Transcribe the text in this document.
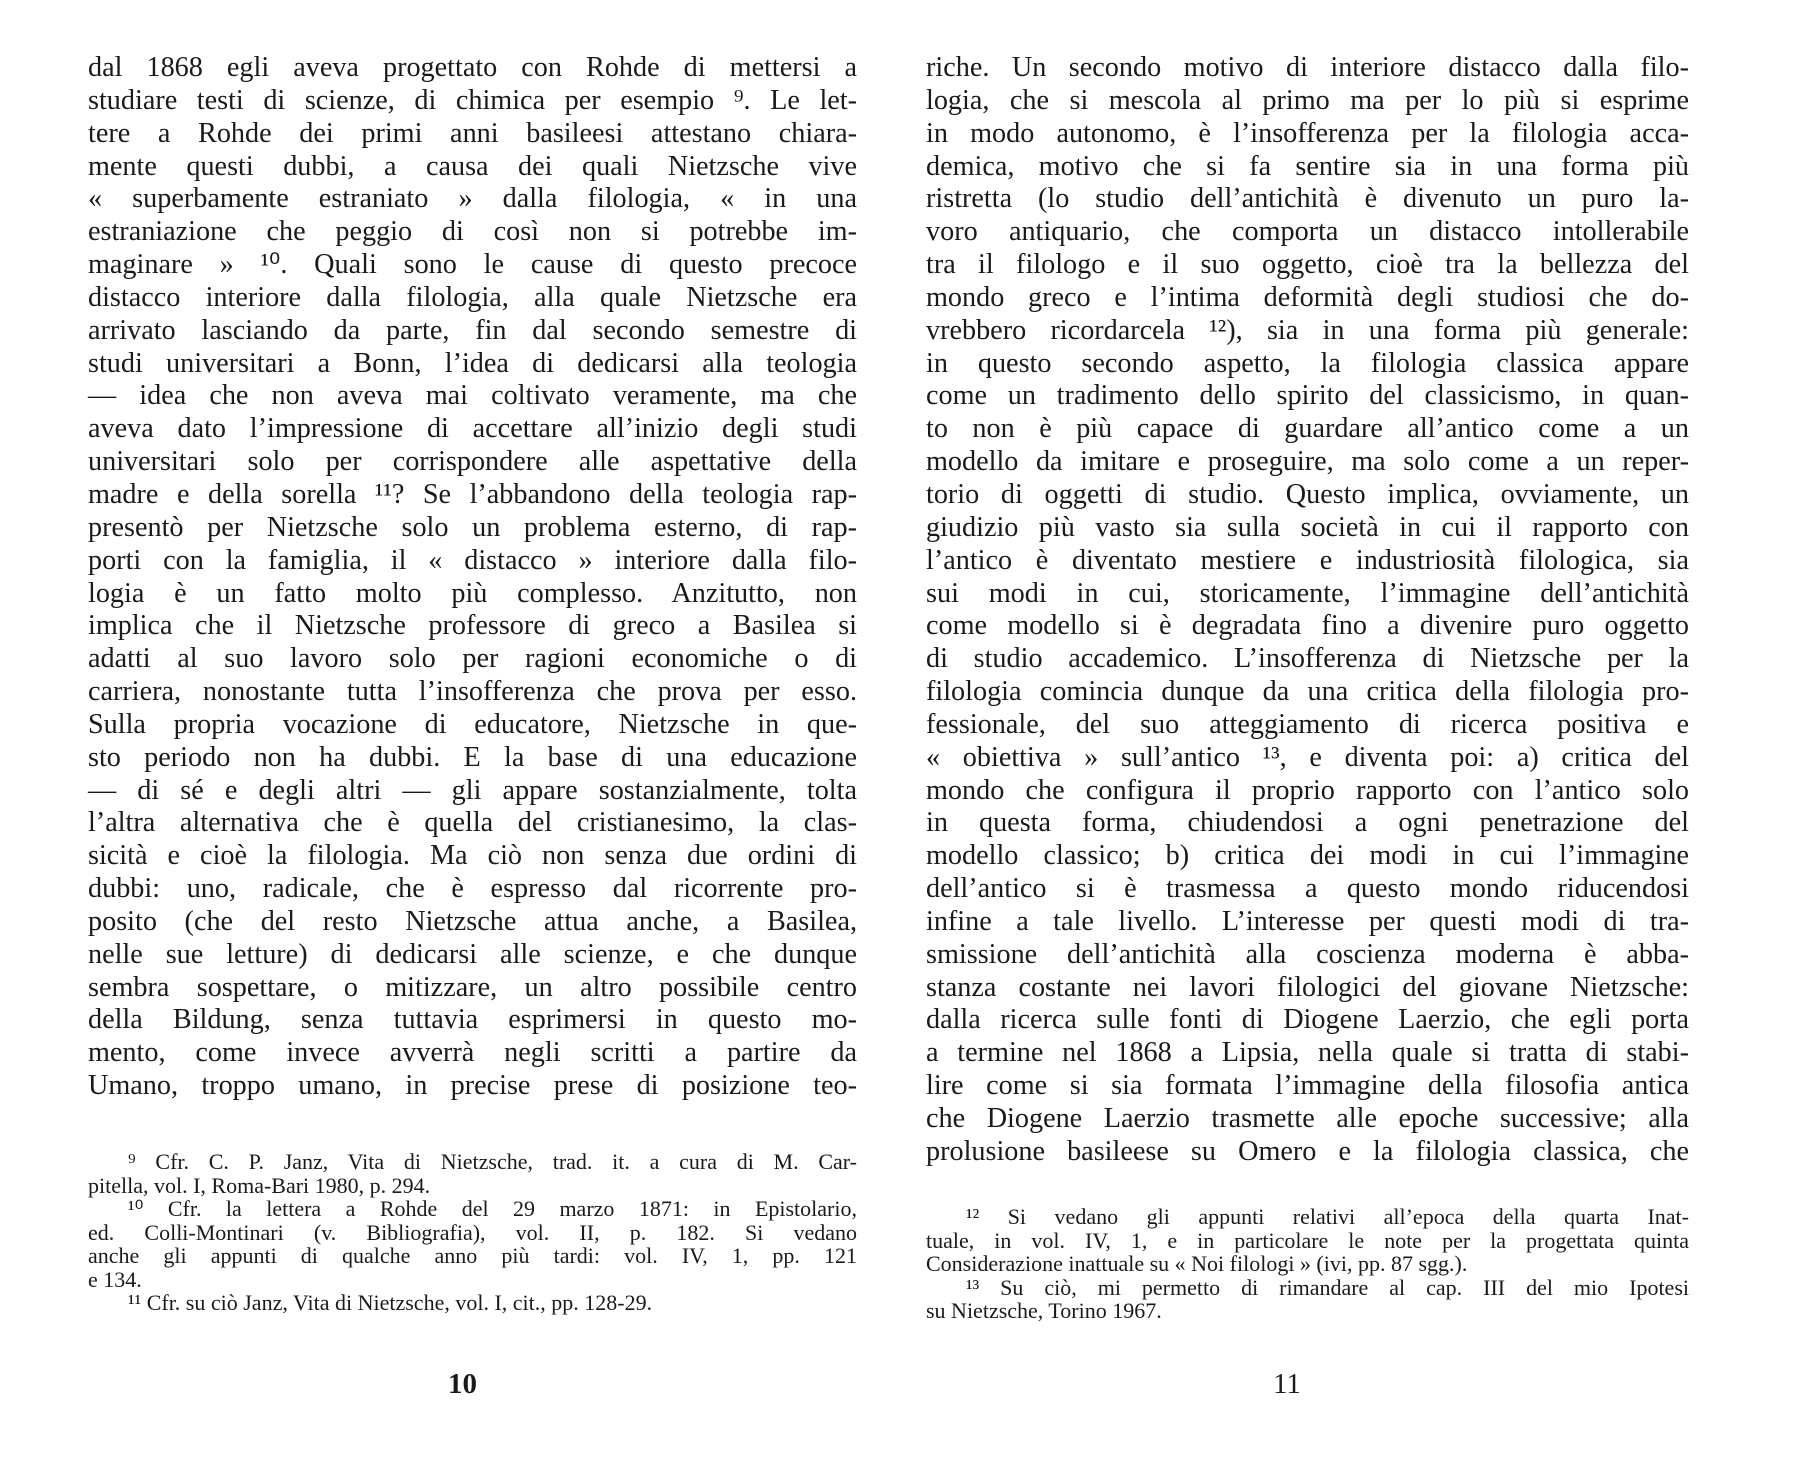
dal 1868 egli aveva progettato con Rohde di mettersi a
studiare testi di scienze, di chimica per esempio ⁹. Le let-
tere a Rohde dei primi anni basileesi attestano chiara-
mente questi dubbi, a causa dei quali Nietzsche vive
« superbamente estraniato » dalla filologia, « in una
estraniazione che peggio di così non si potrebbe im-
maginare » ¹⁰. Quali sono le cause di questo precoce
distacco interiore dalla filologia, alla quale Nietzsche era
arrivato lasciando da parte, fin dal secondo semestre di
studi universitari a Bonn, l’idea di dedicarsi alla teologia
— idea che non aveva mai coltivato veramente, ma che
aveva dato l’impressione di accettare all’inizio degli studi
universitari solo per corrispondere alle aspettative della
madre e della sorella ¹¹? Se l’abbandono della teologia rap-
presentò per Nietzsche solo un problema esterno, di rap-
porti con la famiglia, il « distacco » interiore dalla filo-
logia è un fatto molto più complesso. Anzitutto, non
implica che il Nietzsche professore di greco a Basilea si
adatti al suo lavoro solo per ragioni economiche o di
carriera, nonostante tutta l’insofferenza che prova per esso.
Sulla propria vocazione di educatore, Nietzsche in que-
sto periodo non ha dubbi. E la base di una educazione
— di sé e degli altri — gli appare sostanzialmente, tolta
l’altra alternativa che è quella del cristianesimo, la clas-
sicità e cioè la filologia. Ma ciò non senza due ordini di
dubbi: uno, radicale, che è espresso dal ricorrente pro-
posito (che del resto Nietzsche attua anche, a Basilea,
nelle sue letture) di dedicarsi alle scienze, e che dunque
sembra sospettare, o mitizzare, un altro possibile centro
della Bildung, senza tuttavia esprimersi in questo mo-
mento, come invece avverrà negli scritti a partire da
Umano, troppo umano, in precise prese di posizione teo-
⁹ Cfr. C. P. Janz, Vita di Nietzsche, trad. it. a cura di M. Car-
pitella, vol. I, Roma-Bari 1980, p. 294.
¹⁰ Cfr. la lettera a Rohde del 29 marzo 1871: in Epistolario,
ed. Colli-Montinari (v. Bibliografia), vol. II, p. 182. Si vedano
anche gli appunti di qualche anno più tardi: vol. IV, 1, pp. 121
e 134.
¹¹ Cfr. su ciò Janz, Vita di Nietzsche, vol. I, cit., pp. 128-29.
10
riche. Un secondo motivo di interiore distacco dalla filo-
logia, che si mescola al primo ma per lo più si esprime
in modo autonomo, è l’insofferenza per la filologia acca-
demica, motivo che si fa sentire sia in una forma più
ristretta (lo studio dell’antichità è divenuto un puro la-
voro antiquario, che comporta un distacco intollerabile
tra il filologo e il suo oggetto, cioè tra la bellezza del
mondo greco e l’intima deformità degli studiosi che do-
vrebbero ricordarcela ¹²), sia in una forma più generale:
in questo secondo aspetto, la filologia classica appare
come un tradimento dello spirito del classicismo, in quan-
to non è più capace di guardare all’antico come a un
modello da imitare e proseguire, ma solo come a un reper-
torio di oggetti di studio. Questo implica, ovviamente, un
giudizio più vasto sia sulla società in cui il rapporto con
l’antico è diventato mestiere e industriosità filologica, sia
sui modi in cui, storicamente, l’immagine dell’antichità
come modello si è degradata fino a divenire puro oggetto
di studio accademico. L’insofferenza di Nietzsche per la
filologia comincia dunque da una critica della filologia pro-
fessionale, del suo atteggiamento di ricerca positiva e
« obiettiva » sull’antico ¹³, e diventa poi: a) critica del
mondo che configura il proprio rapporto con l’antico solo
in questa forma, chiudendosi a ogni penetrazione del
modello classico; b) critica dei modi in cui l’immagine
dell’antico si è trasmessa a questo mondo riducendosi
infine a tale livello. L’interesse per questi modi di tra-
smissione dell’antichità alla coscienza moderna è abba-
stanza costante nei lavori filologici del giovane Nietzsche:
dalla ricerca sulle fonti di Diogene Laerzio, che egli porta
a termine nel 1868 a Lipsia, nella quale si tratta di stabi-
lire come si sia formata l’immagine della filosofia antica
che Diogene Laerzio trasmette alle epoche successive; alla
prolusione basileese su Omero e la filologia classica, che
¹² Si vedano gli appunti relativi all’epoca della quarta Inat-
tuale, in vol. IV, 1, e in particolare le note per la progettata quinta
Considerazione inattuale su « Noi filologi » (ivi, pp. 87 sgg.).
¹³ Su ciò, mi permetto di rimandare al cap. III del mio Ipotesi
su Nietzsche, Torino 1967.
11
